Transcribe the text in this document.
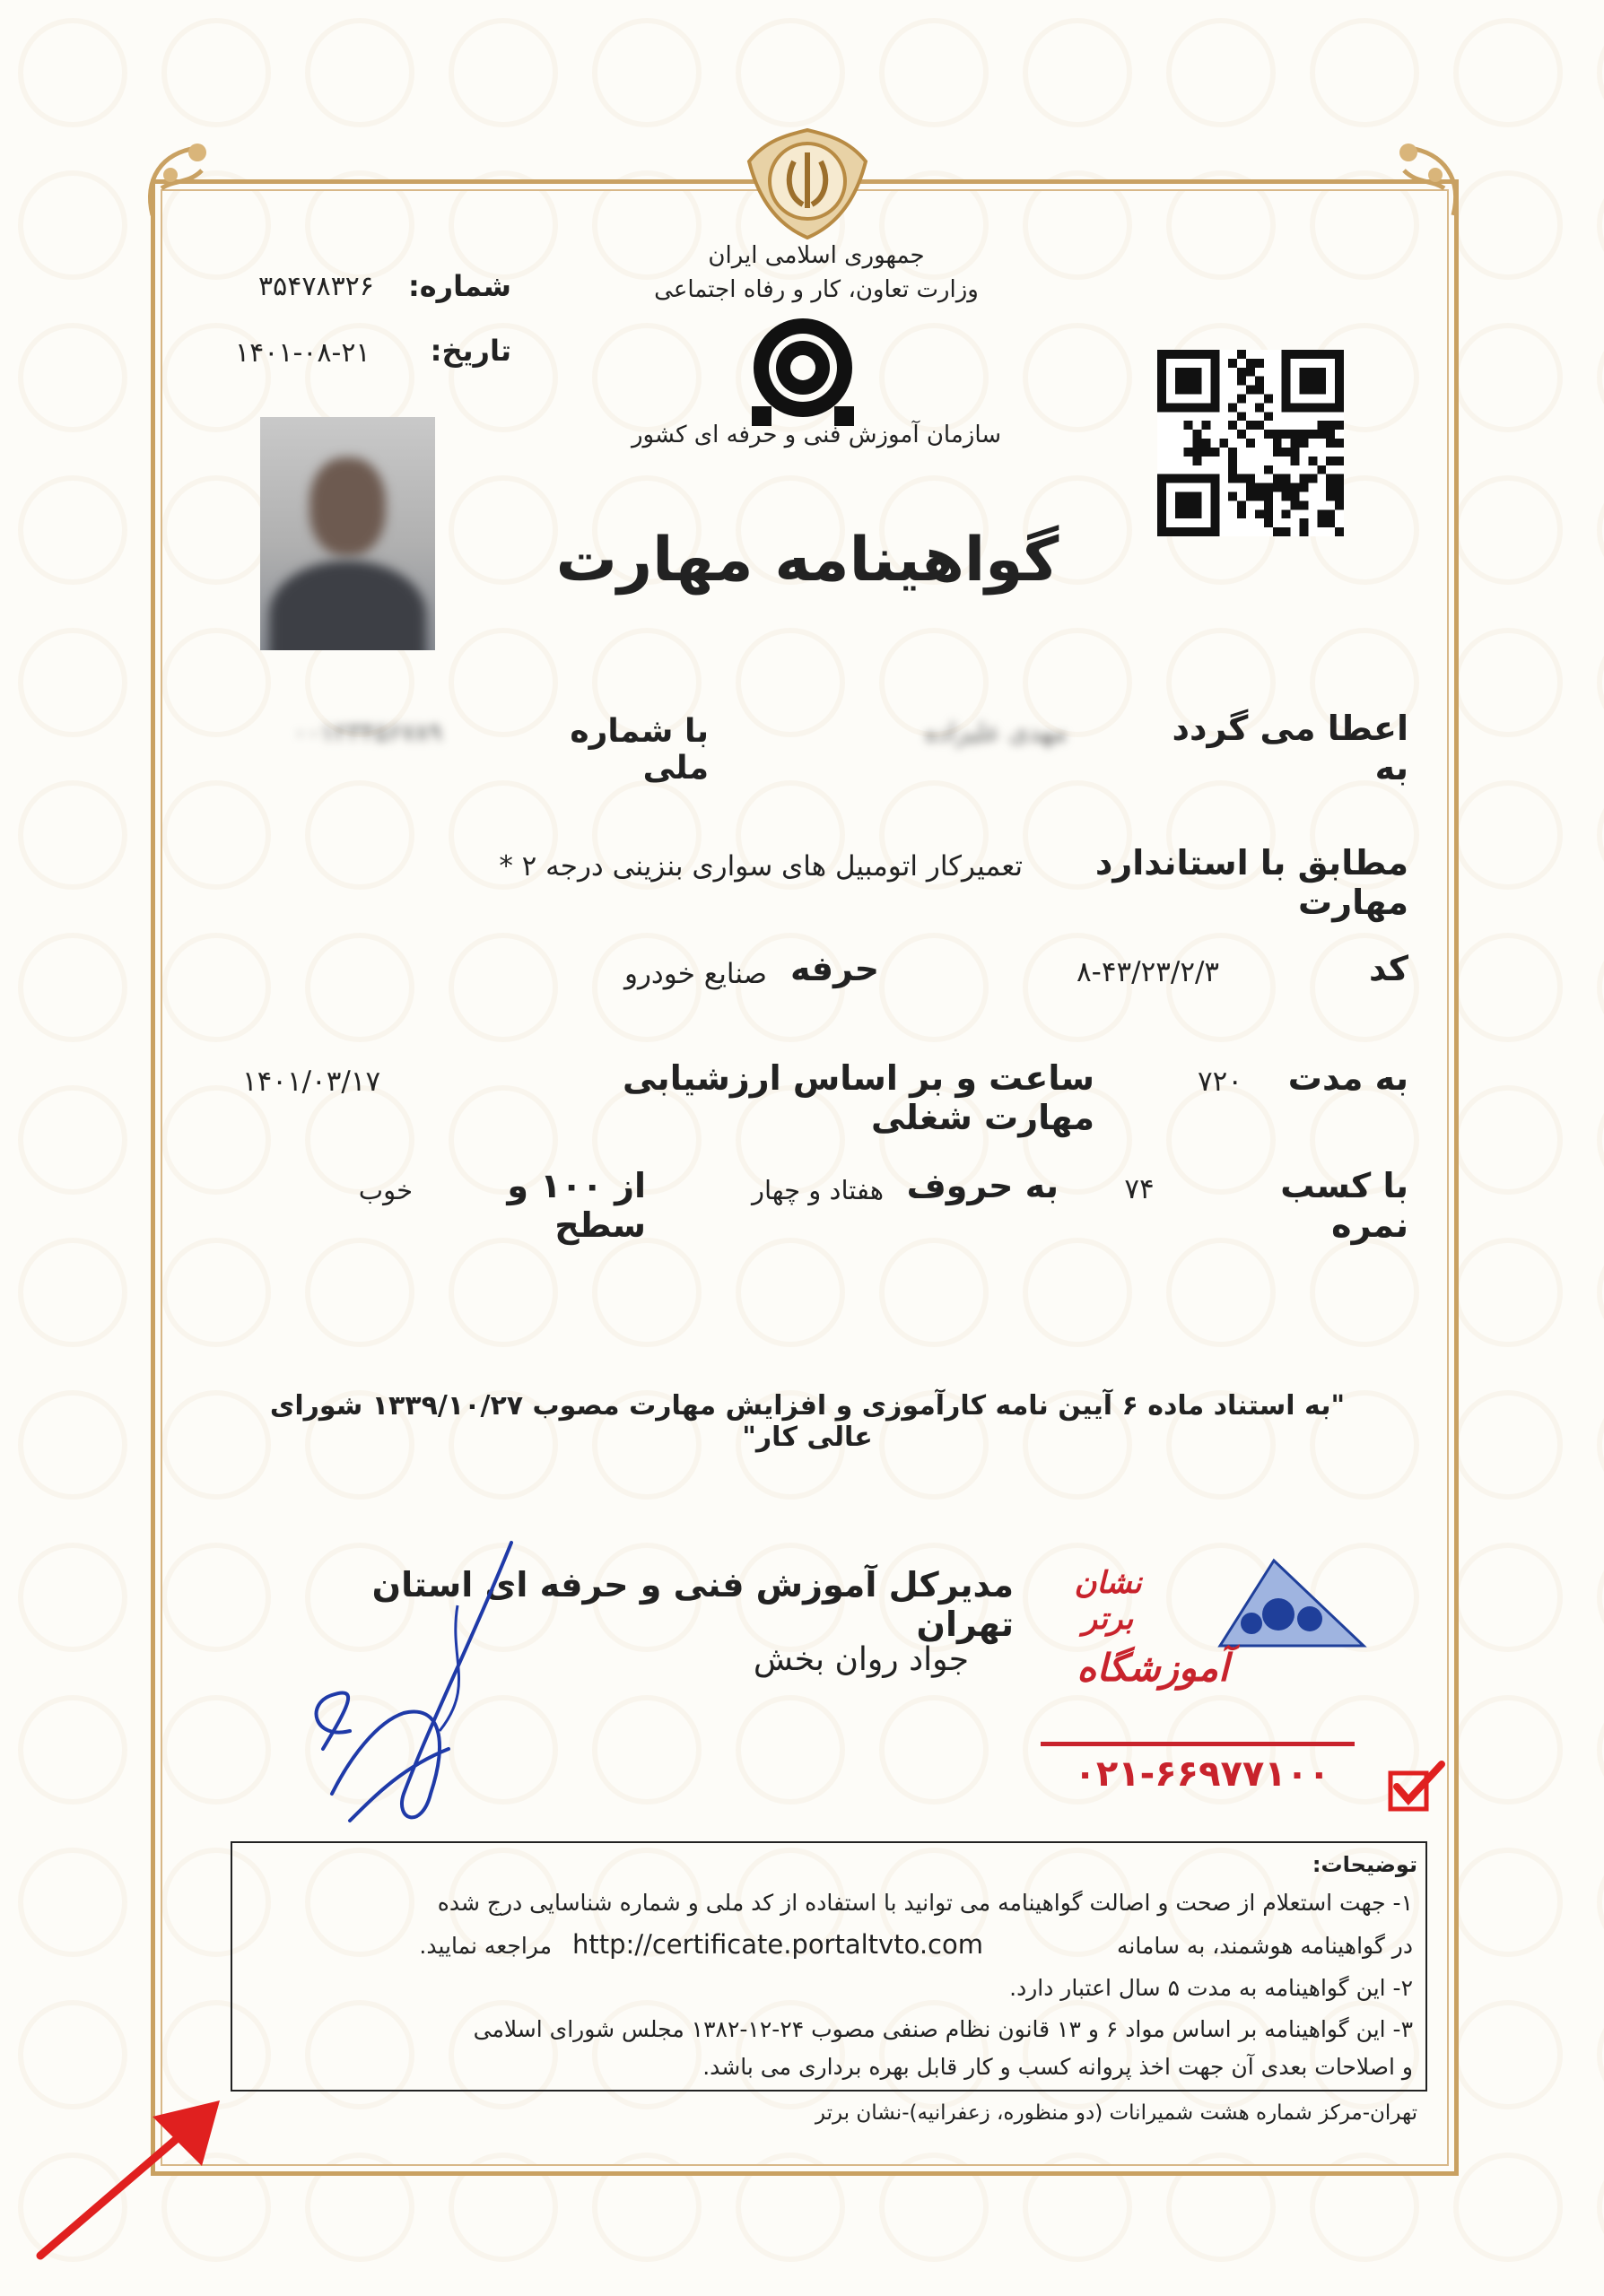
جمهوری اسلامی ایران
وزارت تعاون، کار و رفاه اجتماعی
سازمان آموزش فنی و حرفه ای کشور
شماره:
۳۵۴۷۸۳۲۶
تاریخ:
۱۴۰۱-۰۸-۲۱
گواهینامه مهارت
اعطا می گردد به
مهدی علیزاده
با شماره ملی
۰۰۱۲۳۴۵۶۷۸۹
مطابق با استاندارد مهارت
تعمیرکار اتومبیل های سواری بنزینی درجه ۲ *
کد
۸-۴۳/۲۳/۲/۳
حرفه
صنایع خودرو
به مدت
۷۲۰
ساعت و بر اساس ارزشیابی مهارت شغلی
۱۴۰۱/۰۳/۱۷
با کسب نمره
۷۴
به حروف
هفتاد و چهار
از ۱۰۰ و سطح
خوب
"به استناد ماده ۶ آیین نامه کارآموزی و افزایش مهارت مصوب ۱۳۳۹/۱۰/۲۷ شورای عالی کار"
مدیرکل آموزش فنی و حرفه ای استان تهران
جواد روان بخش
نشان برتر
آموزشگاه
۰۲۱-۶۶۹۷۷۱۰۰
توضیحات:
۱- جهت استعلام از صحت و اصالت گواهینامه می توانید با استفاده از کد ملی و شماره شناسایی درج شده
در گواهینامه هوشمند، به سامانه
http://certificate.portaltvto.com
مراجعه نمایید.
۲- این گواهینامه به مدت ۵ سال اعتبار دارد.
۳- این گواهینامه بر اساس مواد ۶ و ۱۳ قانون نظام صنفی مصوب ۲۴-۱۲-۱۳۸۲ مجلس شورای اسلامی
و اصلاحات بعدی آن جهت اخذ پروانه کسب و کار قابل بهره برداری می باشد.
تهران-مرکز شماره هشت شمیرانات (دو منظوره، زعفرانیه)-نشان برتر
